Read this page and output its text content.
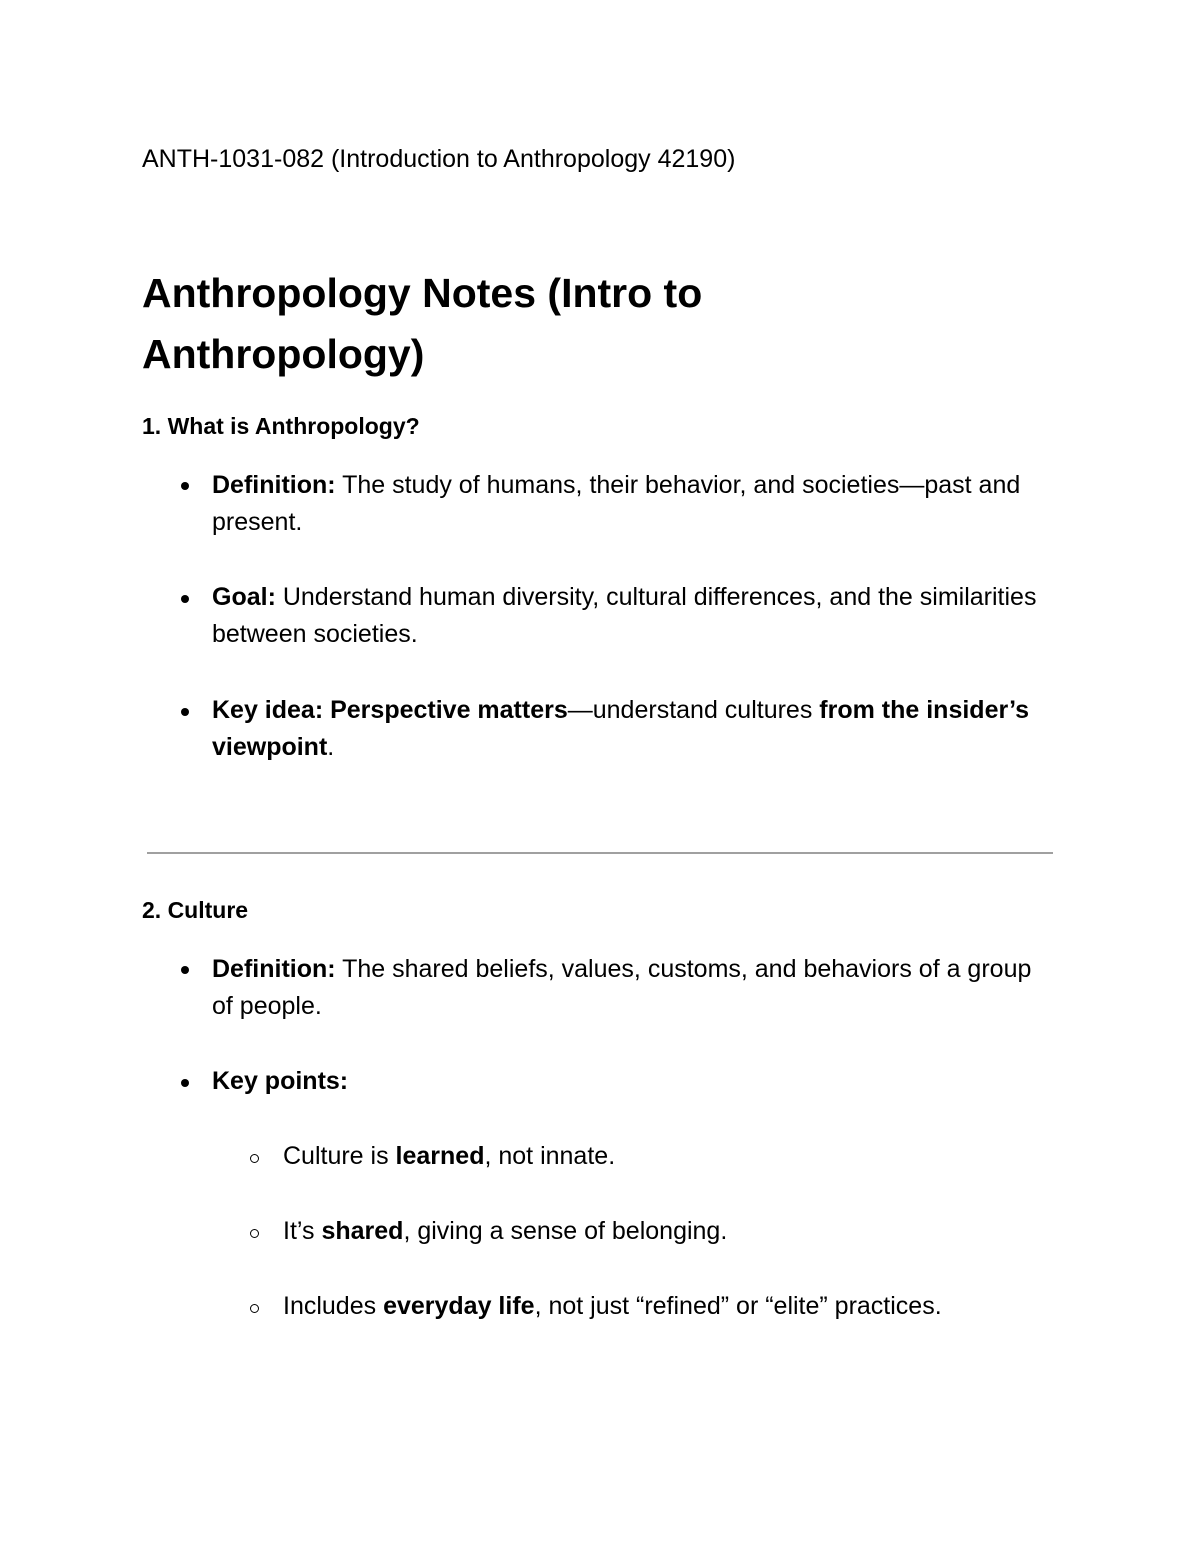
ANTH-1031-082 (Introduction to Anthropology 42190)
Anthropology Notes (Intro to Anthropology)
1. What is Anthropology?
Definition: The study of humans, their behavior, and societies—past and present.
Goal: Understand human diversity, cultural differences, and the similarities between societies.
Key idea: Perspective matters—understand cultures from the insider’s viewpoint.
2. Culture
Definition: The shared beliefs, values, customs, and behaviors of a group of people.
Key points:
Culture is learned, not innate.
It’s shared, giving a sense of belonging.
Includes everyday life, not just “refined” or “elite” practices.
